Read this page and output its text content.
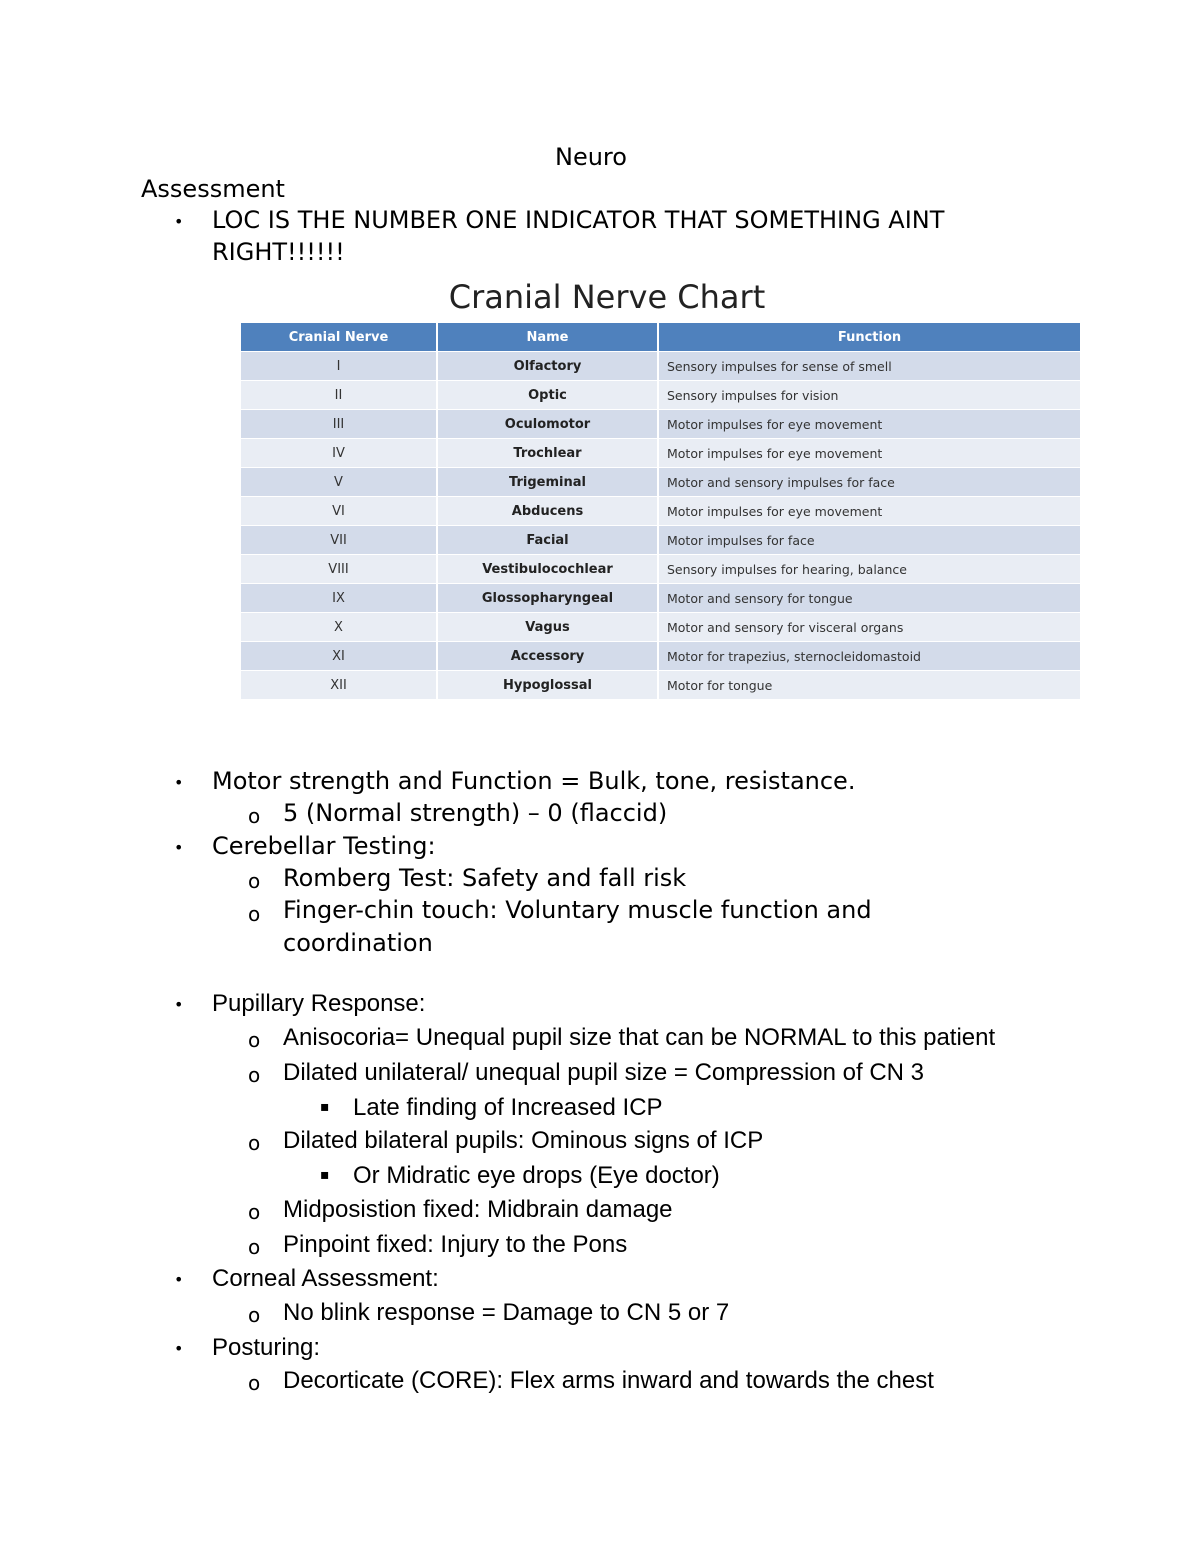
Neuro
Assessment
• LOC IS THE NUMBER ONE INDICATOR THAT SOMETHING AINT
RIGHT!!!!!!
Cranial Nerve Chart
Cranial Nerve	Name	Function
I	Olfactory	Sensory impulses for sense of smell
II	Optic	Sensory impulses for vision
III	Oculomotor	Motor impulses for eye movement
IV	Trochlear	Motor impulses for eye movement
V	Trigeminal	Motor and sensory impulses for face
VI	Abducens	Motor impulses for eye movement
VII	Facial	Motor impulses for face
VIII	Vestibulocochlear	Sensory impulses for hearing, balance
IX	Glossopharyngeal	Motor and sensory for tongue
X	Vagus	Motor and sensory for visceral organs
XI	Accessory	Motor for trapezius, sternocleidomastoid
XII	Hypoglossal	Motor for tongue
• Motor strength and Function = Bulk, tone, resistance.
o 5 (Normal strength) – 0 (flaccid)
• Cerebellar Testing:
o Romberg Test: Safety and fall risk
o Finger-chin touch: Voluntary muscle function and
coordination
• Pupillary Response:
o Anisocoria= Unequal pupil size that can be NORMAL to this patient
o Dilated unilateral/ unequal pupil size = Compression of CN 3
▪ Late finding of Increased ICP
o Dilated bilateral pupils: Ominous signs of ICP
▪ Or Midratic eye drops (Eye doctor)
o Midposistion fixed: Midbrain damage
o Pinpoint fixed: Injury to the Pons
• Corneal Assessment:
o No blink response = Damage to CN 5 or 7
• Posturing:
o Decorticate (CORE): Flex arms inward and towards the chest
